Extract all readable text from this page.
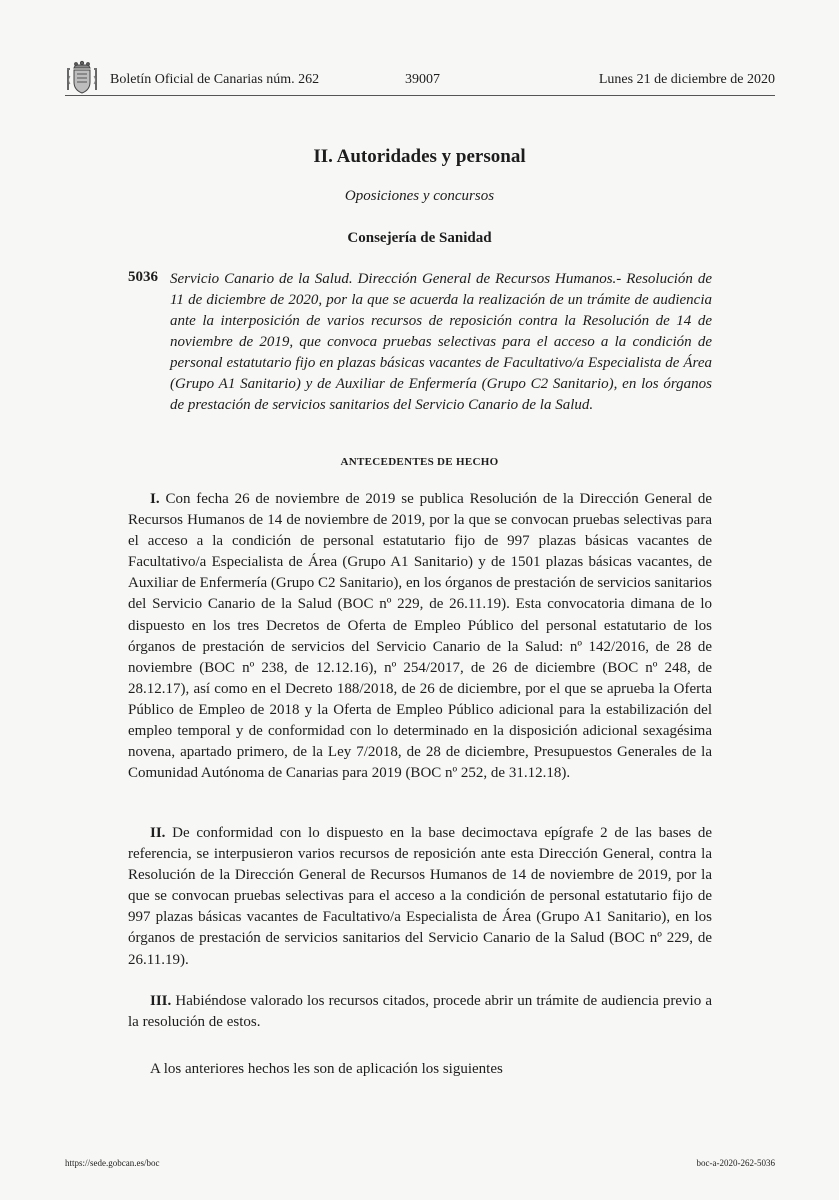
Boletín Oficial de Canarias núm. 262	39007	Lunes 21 de diciembre de 2020
II. Autoridades y personal
Oposiciones y concursos
Consejería de Sanidad
5036 Servicio Canario de la Salud. Dirección General de Recursos Humanos.- Resolución de 11 de diciembre de 2020, por la que se acuerda la realización de un trámite de audiencia ante la interposición de varios recursos de reposición contra la Resolución de 14 de noviembre de 2019, que convoca pruebas selectivas para el acceso a la condición de personal estatutario fijo en plazas básicas vacantes de Facultativo/a Especialista de Área (Grupo A1 Sanitario) y de Auxiliar de Enfermería (Grupo C2 Sanitario), en los órganos de prestación de servicios sanitarios del Servicio Canario de la Salud.

ANTECEDENTES DE HECHO

I. Con fecha 26 de noviembre de 2019 se publica Resolución de la Dirección General de Recursos Humanos de 14 de noviembre de 2019, por la que se convocan pruebas selectivas para el acceso a la condición de personal estatutario fijo de 997 plazas básicas vacantes de Facultativo/a Especialista de Área (Grupo A1 Sanitario) y de 1501 plazas básicas vacantes, de Auxiliar de Enfermería (Grupo C2 Sanitario), en los órganos de prestación de servicios sanitarios del Servicio Canario de la Salud (BOC nº 229, de 26.11.19). Esta convocatoria dimana de lo dispuesto en los tres Decretos de Oferta de Empleo Público del personal estatutario de los órganos de prestación de servicios del Servicio Canario de la Salud: nº 142/2016, de 28 de noviembre (BOC nº 238, de 12.12.16), nº 254/2017, de 26 de diciembre (BOC nº 248, de 28.12.17), así como en el Decreto 188/2018, de 26 de diciembre, por el que se aprueba la Oferta Público de Empleo de 2018 y la Oferta de Empleo Público adicional para la estabilización del empleo temporal y de conformidad con lo determinado en la disposición adicional sexagésima novena, apartado primero, de la Ley 7/2018, de 28 de diciembre, Presupuestos Generales de la Comunidad Autónoma de Canarias para 2019 (BOC nº 252, de 31.12.18).

II. De conformidad con lo dispuesto en la base decimoctava epígrafe 2 de las bases de referencia, se interpusieron varios recursos de reposición ante esta Dirección General, contra la Resolución de la Dirección General de Recursos Humanos de 14 de noviembre de 2019, por la que se convocan pruebas selectivas para el acceso a la condición de personal estatutario fijo de 997 plazas básicas vacantes de Facultativo/a Especialista de Área (Grupo A1 Sanitario), en los órganos de prestación de servicios sanitarios del Servicio Canario de la Salud (BOC nº 229, de 26.11.19).

III. Habiéndose valorado los recursos citados, procede abrir un trámite de audiencia previo a la resolución de estos.

A los anteriores hechos les son de aplicación los siguientes

https://sede.gobcan.es/boc	boc-a-2020-262-5036
